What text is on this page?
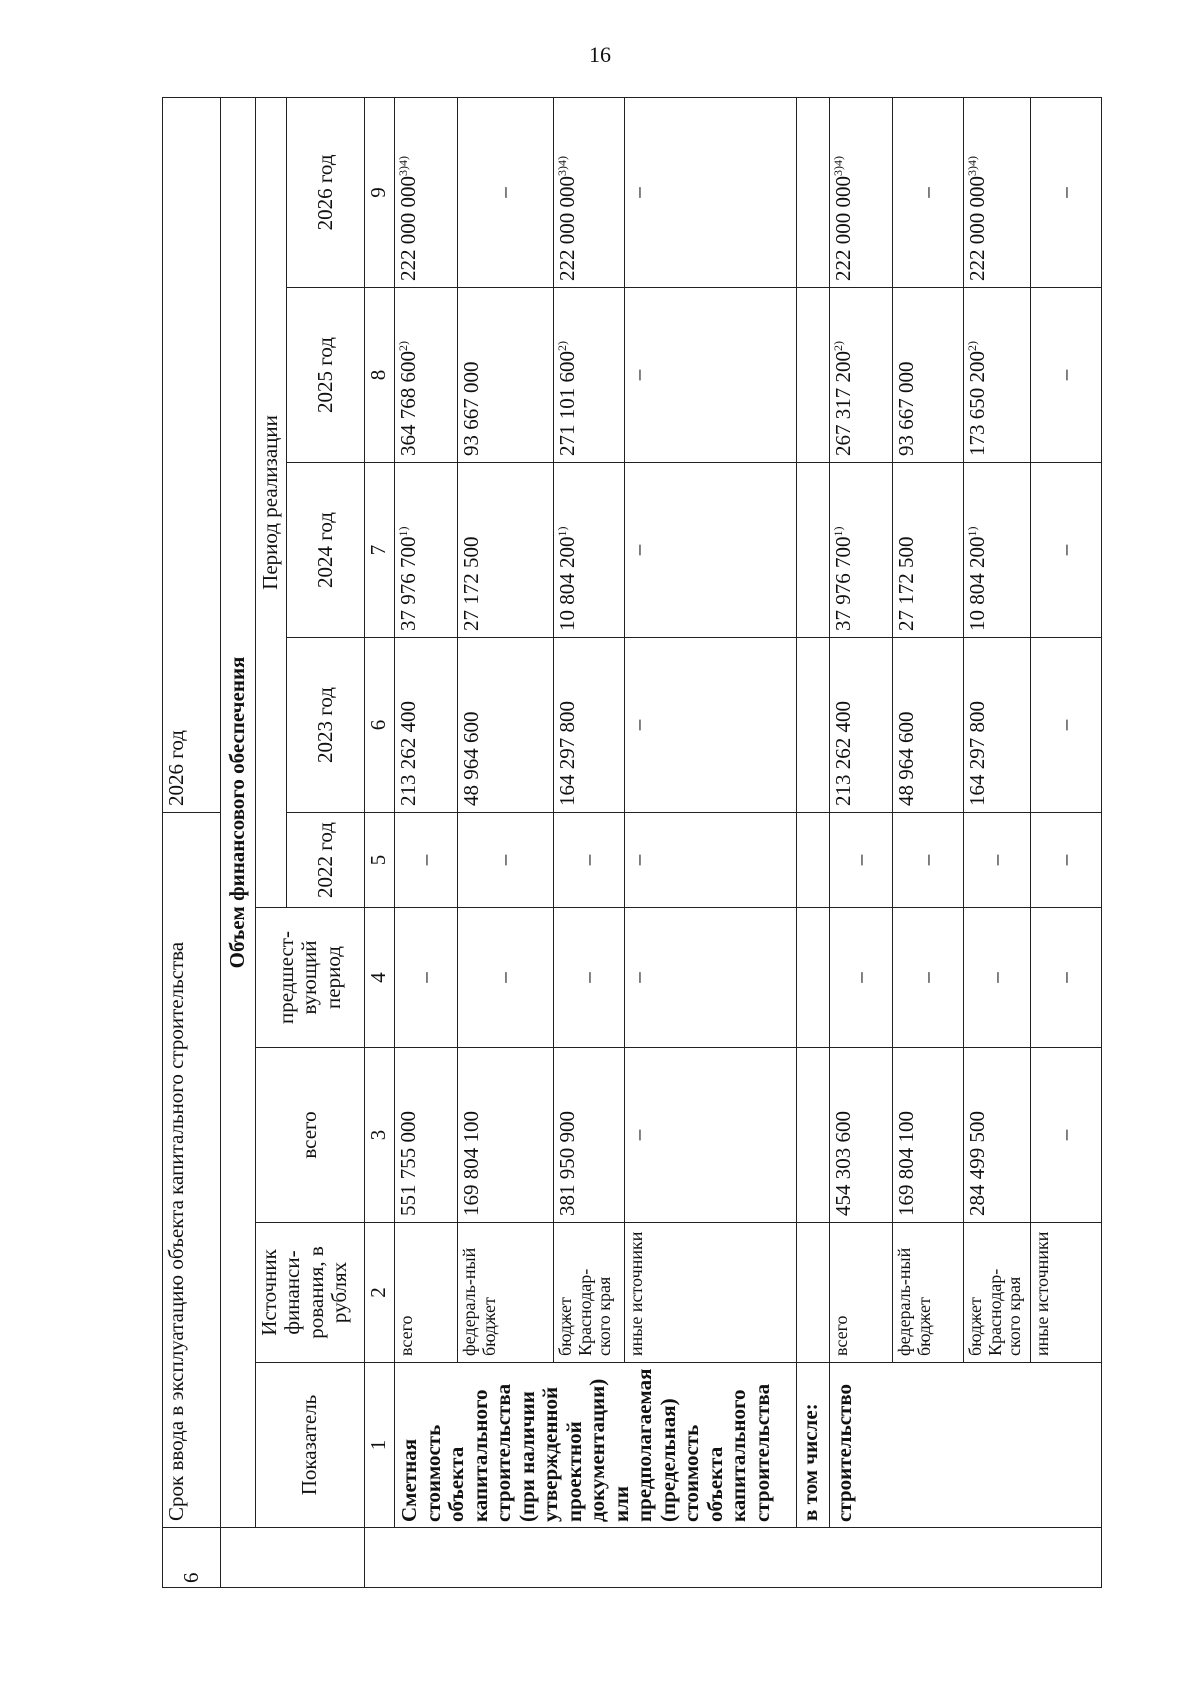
16
6	Срок ввода в эксплуатацию объекта капитального строительства					2026 год			
	Объем финансового обеспечения								
	Показатель	Источник финанси-рования, в рублях	всего	предшест-вующий период	Период реализации				
					2022 год	2023 год	2024 год	2025 год	2026 год
	1	2	3	4	5	6	7	8	9
	Сметная стоимость объекта капитального строительства (при наличии утвержденной проектной документации) или предполагаемая (предельная) стоимость объекта капитального строительства	всего	551 755 000	–	–	213 262 400	37 976 700$^{1)}$	364 768 600$^{2)}$	222 000 $000^{3)4)}$
		федераль-ный бюджет	169 804 100	–	–	48 964 600	27 172 500	93 667 000	–
		бюджет Краснодар-ского края	381 950 900	–	–	164 297 800	10 804 200$^{1)}$	271 101 600$^{2)}$	222 000 $000^{3)4)}$
		иные источники	–	–	–	–	–	–	–
	в том числе:								
	строительство	всего	454 303 600	–	–	213 262 400	37 976 700$^{1)}$	267 317 200$^{2)}$	222 000 $000^{3)4)}$
		федераль-ный бюджет	169 804 100	–	–	48 964 600	27 172 500	93 667 000	–
		бюджет Краснодар-ского края	284 499 500	–	–	164 297 800	10 804 200$^{1)}$	173 650 200$^{2)}$	222 000 $000^{3)4)}$
		иные источники	–	–	–	–	–	–	–
